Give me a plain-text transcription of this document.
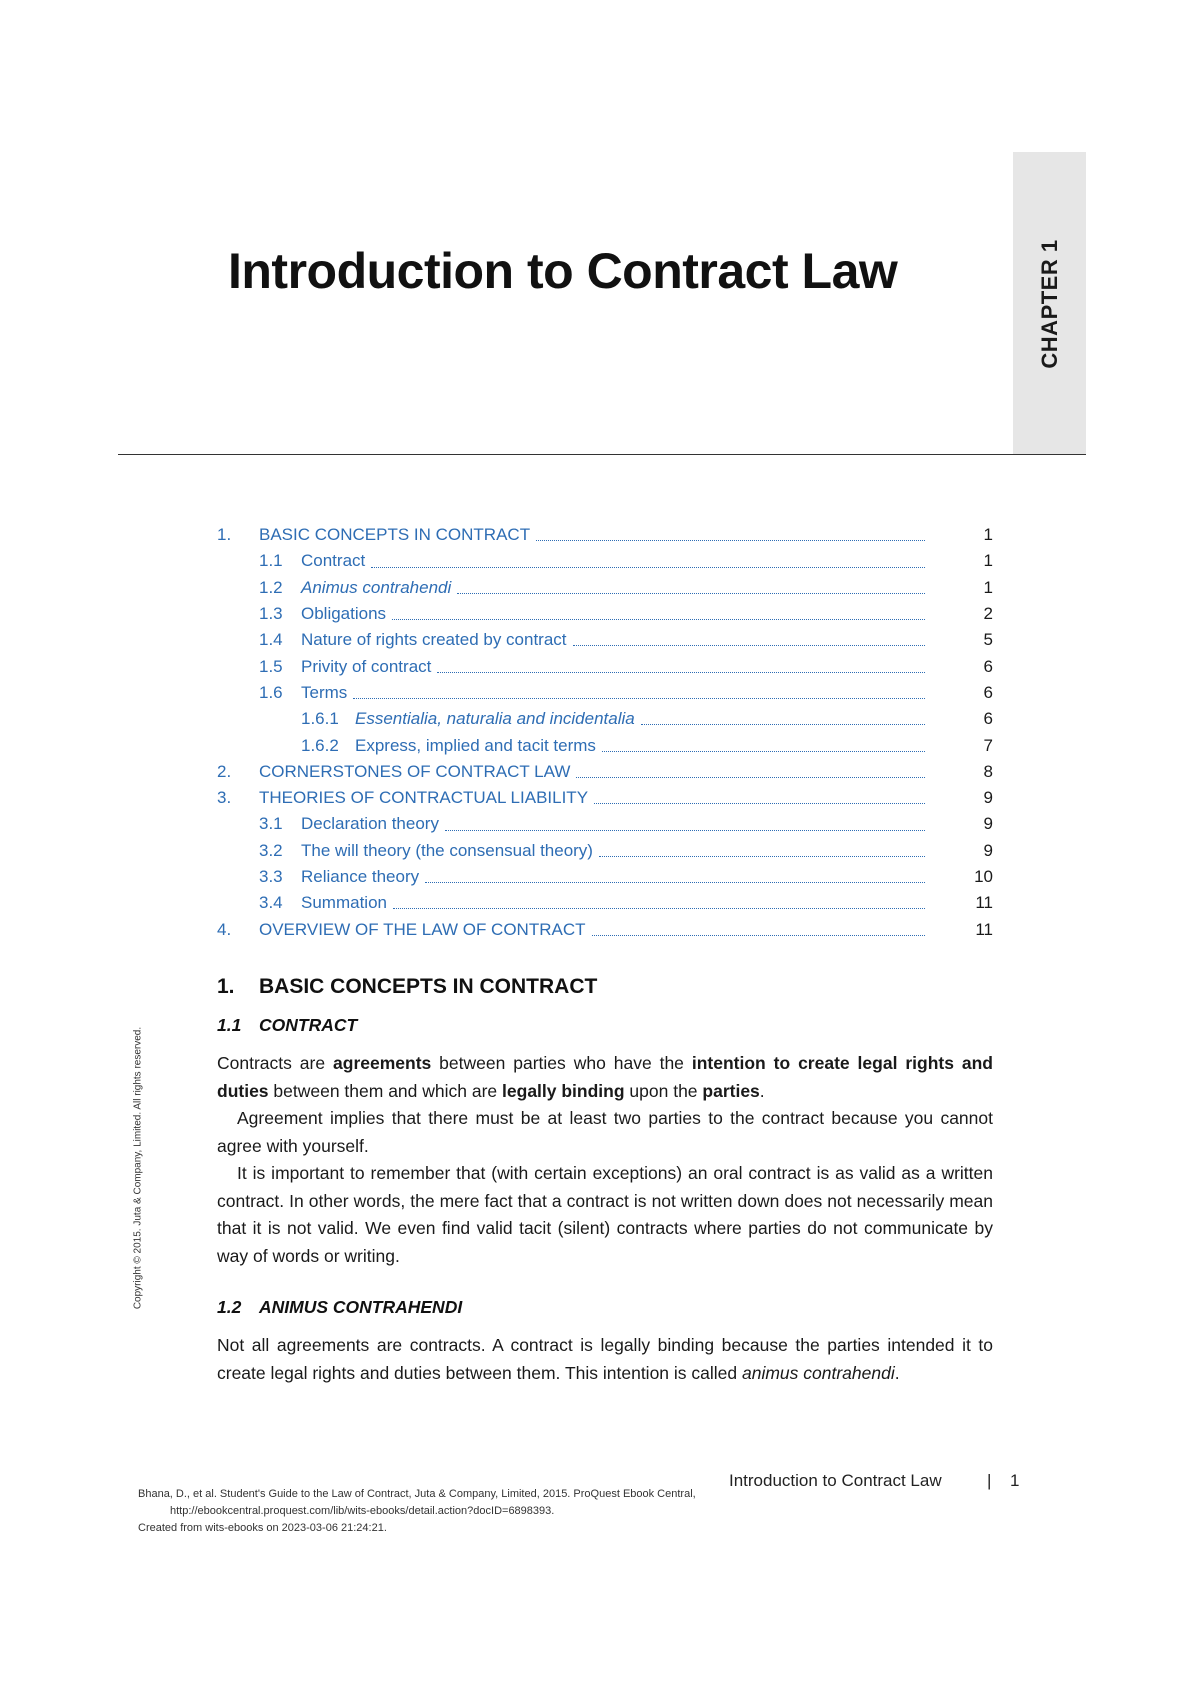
CHAPTER 1
Introduction to Contract Law
1.	BASIC CONCEPTS IN CONTRACT	1
1.1	Contract	1
1.2	Animus contrahendi	1
1.3	Obligations	2
1.4	Nature of rights created by contract	5
1.5	Privity of contract	6
1.6	Terms	6
1.6.1 Essentialia, naturalia and incidentalia	6
1.6.2 Express, implied and tacit terms	7
2.	CORNERSTONES OF CONTRACT LAW	8
3.	THEORIES OF CONTRACTUAL LIABILITY	9
3.1	Declaration theory	9
3.2	The will theory (the consensual theory)	9
3.3	Reliance theory	10
3.4	Summation	11
4.	OVERVIEW OF THE LAW OF CONTRACT	11
1. BASIC CONCEPTS IN CONTRACT
1.1 CONTRACT

Contracts are agreements between parties who have the intention to create legal rights and duties between them and which are legally binding upon the parties.

Agreement implies that there must be at least two parties to the contract because you cannot agree with yourself.

It is important to remember that (with certain exceptions) an oral contract is as valid as a written contract. In other words, the mere fact that a contract is not written down does not necessarily mean that it is not valid. We even find valid tacit (silent) contracts where parties do not communicate by way of words or writing.

1.2 ANIMUS CONTRAHENDI

Not all agreements are contracts. A contract is legally binding because the parties intended it to create legal rights and duties between them. This intention is called animus contrahendi.

Copyright © 2015. Juta & Company, Limited. All rights reserved.
Introduction to Contract Law	| 1
Bhana, D., et al. Student's Guide to the Law of Contract, Juta & Company, Limited, 2015. ProQuest Ebook Central,
http://ebookcentral.proquest.com/lib/wits-ebooks/detail.action?docID=6898393.
Created from wits-ebooks on 2023-03-06 21:24:21.
